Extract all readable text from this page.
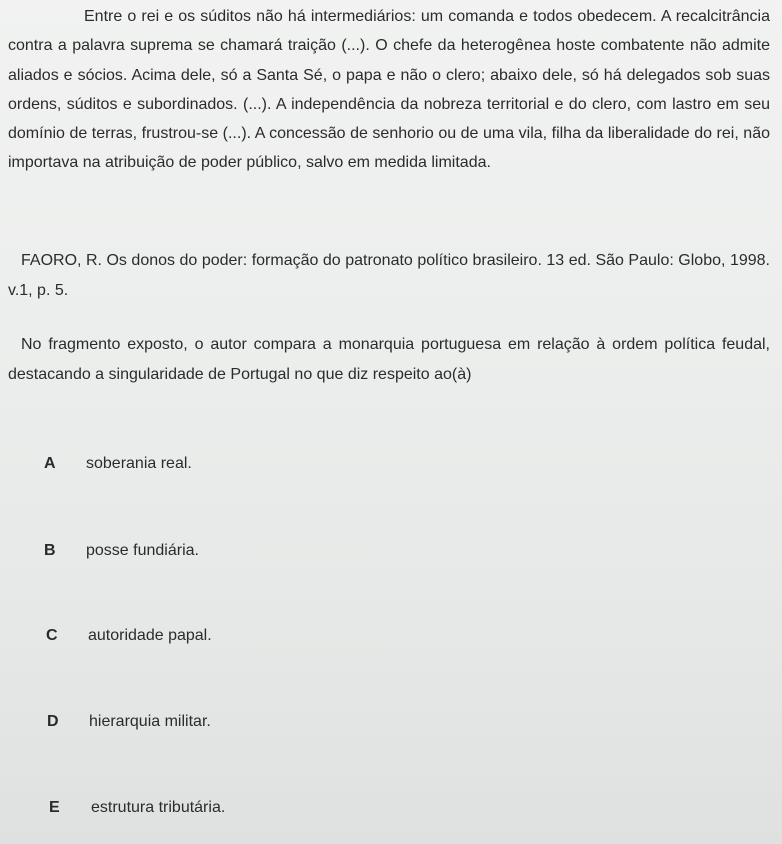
Entre o rei e os súditos não há intermediários: um comanda e todos obedecem. A recalcitrância contra a palavra suprema se chamará traição (...). O chefe da heterogênea hoste combatente não admite aliados e sócios. Acima dele, só a Santa Sé, o papa e não o clero; abaixo dele, só há delegados sob suas ordens, súditos e subordinados. (...). A independência da nobreza territorial e do clero, com lastro em seu domínio de terras, frustrou-se (...). A concessão de senhorio ou de uma vila, filha da liberalidade do rei, não importava na atribuição de poder público, salvo em medida limitada.

FAORO, R. Os donos do poder: formação do patronato político brasileiro. 13 ed. São Paulo: Globo, 1998. v.1, p. 5.

No fragmento exposto, o autor compara a monarquia portuguesa em relação à ordem política feudal, destacando a singularidade de Portugal no que diz respeito ao(à)

A	soberania real.
B	posse fundiária.
C	autoridade papal.
D	hierarquia militar.
E	estrutura tributária.
